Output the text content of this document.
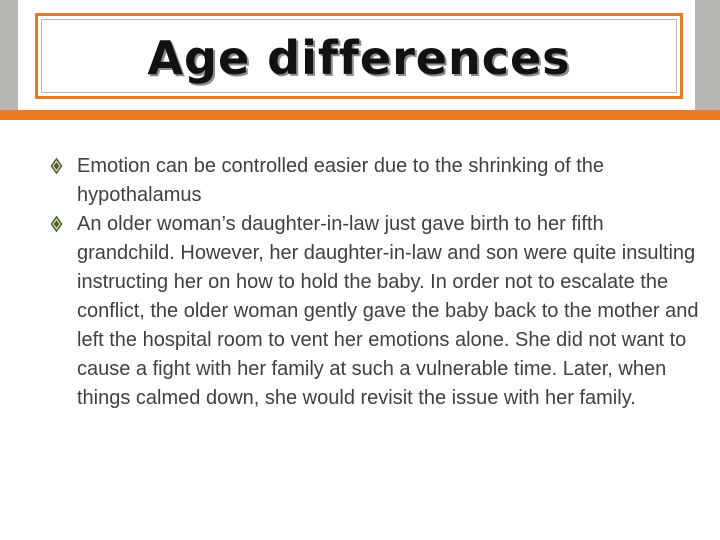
Age differences
Emotion can be controlled easier due to the shrinking of the hypothalamus
An older woman’s daughter-in-law just gave birth to her fifth grandchild. However, her daughter-in-law and son were quite insulting instructing her on how to hold the baby. In order not to escalate the conflict, the older woman gently gave the baby back to the mother and left the hospital room to vent her emotions alone. She did not want to cause a fight with her family at such a vulnerable time. Later, when things calmed down, she would revisit the issue with her family.
